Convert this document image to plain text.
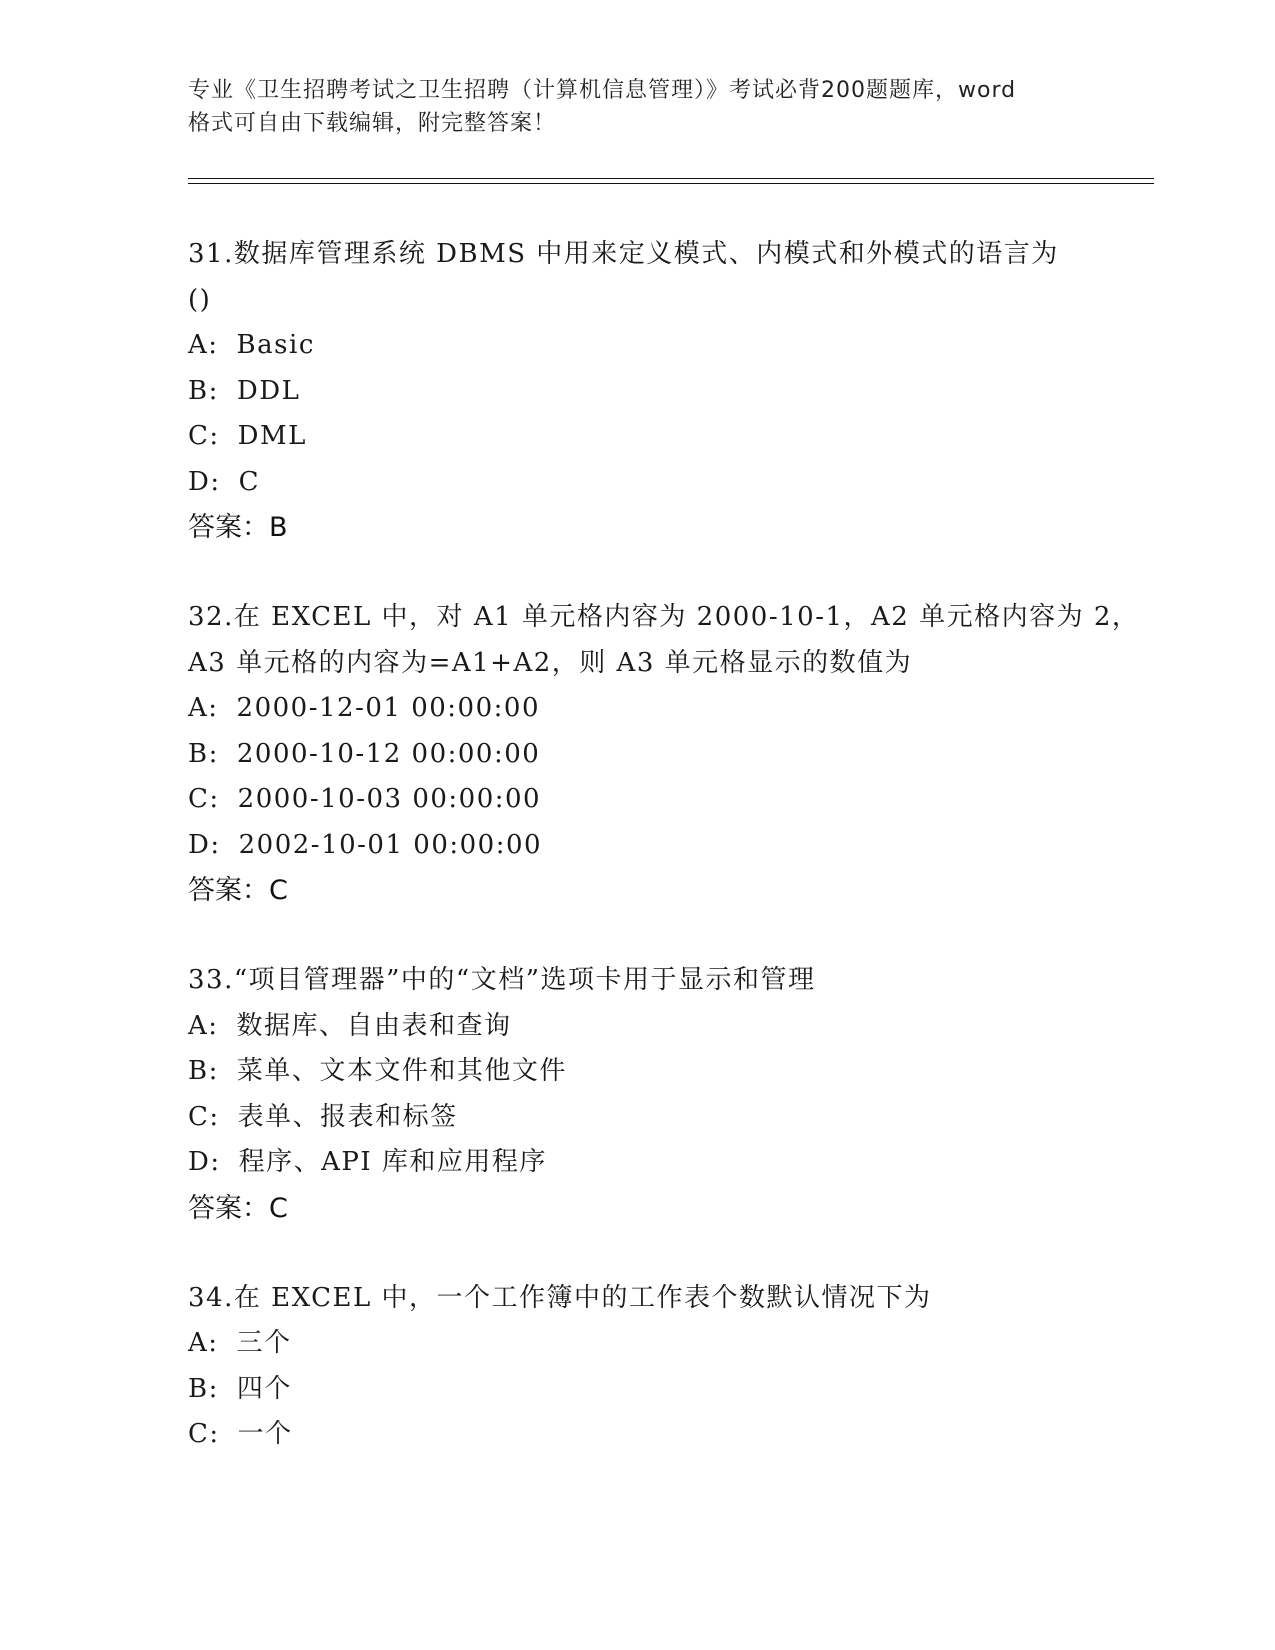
专业《卫生招聘考试之卫生招聘（计算机信息管理）》考试必背200题题库，word
格式可自由下载编辑，附完整答案！
31.数据库管理系统 DBMS 中用来定义模式、内模式和外模式的语言为
()
A: Basic
B: DDL
C: DML
D: C
答案：B
32.在 EXCEL 中，对 A1 单元格内容为 2000-10-1，A2 单元格内容为 2，
A3 单元格的内容为=A1+A2，则 A3 单元格显示的数值为
A: 2000-12-01 00:00:00
B: 2000-10-12 00:00:00
C: 2000-10-03 00:00:00
D: 2002-10-01 00:00:00
答案：C
33.“项目管理器”中的“文档”选项卡用于显示和管理
A: 数据库、自由表和查询
B: 菜单、文本文件和其他文件
C: 表单、报表和标签
D: 程序、API 库和应用程序
答案：C
34.在 EXCEL 中，一个工作簿中的工作表个数默认情况下为
A: 三个
B: 四个
C: 一个
